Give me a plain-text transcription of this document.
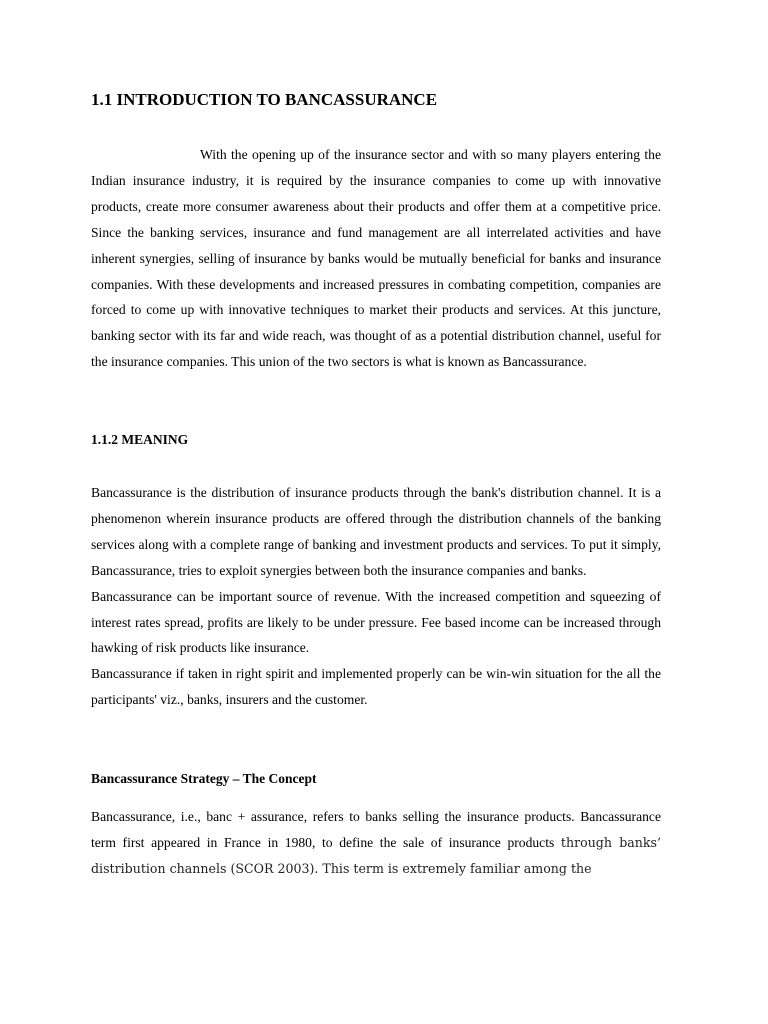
1.1 INTRODUCTION TO BANCASSURANCE

With the opening up of the insurance sector and with so many players entering the Indian insurance industry, it is required by the insurance companies to come up with innovative products, create more consumer awareness about their products and offer them at a competitive price. Since the banking services, insurance and fund management are all interrelated activities and have inherent synergies, selling of insurance by banks would be mutually beneficial for banks and insurance companies. With these developments and increased pressures in combating competition, companies are forced to come up with innovative techniques to market their products and services. At this juncture, banking sector with its far and wide reach, was thought of as a potential distribution channel, useful for the insurance companies. This union of the two sectors is what is known as Bancassurance.

1.1.2 MEANING

Bancassurance is the distribution of insurance products through the bank's distribution channel. It is a phenomenon wherein insurance products are offered through the distribution channels of the banking services along with a complete range of banking and investment products and services. To put it simply, Bancassurance, tries to exploit synergies between both the insurance companies and banks.

Bancassurance can be important source of revenue. With the increased competition and squeezing of interest rates spread, profits are likely to be under pressure. Fee based income can be increased through hawking of risk products like insurance.

Bancassurance if taken in right spirit and implemented properly can be win-win situation for the all the participants' viz., banks, insurers and the customer.

Bancassurance Strategy – The Concept

Bancassurance, i.e., banc + assurance, refers to banks selling the insurance products. Bancassurance term first appeared in France in 1980, to define the sale of insurance products through banks’ distribution channels (SCOR 2003). This term is extremely familiar among the
